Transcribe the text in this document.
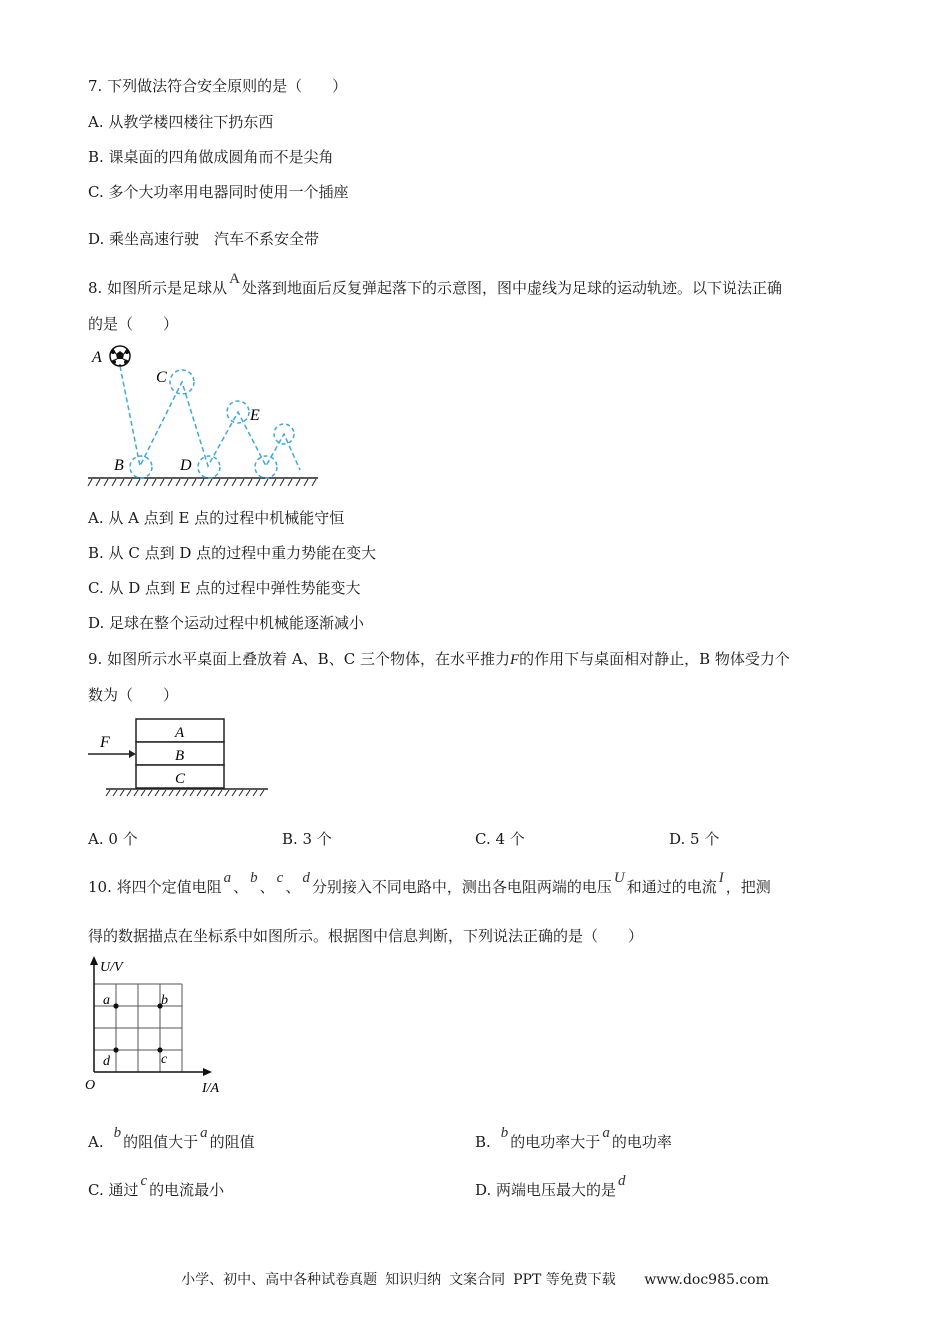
7. 下列做法符合安全原则的是（　　）
A. 从教学楼四楼往下扔东西
B. 课桌面的四角做成圆角而不是尖角
C. 多个大功率用电器同时使用一个插座
D. 乘坐高速行驶　汽车不系安全带
8. 如图所示是足球从 A 处落到地面后反复弹起落下的示意图，图中虚线为足球的运动轨迹。以下说法正确
的是（　　）
A
C
E
B	D
A. 从 A 点到 E 点的过程中机械能守恒
B. 从 C 点到 D 点的过程中重力势能在变大
C. 从 D 点到 E 点的过程中弹性势能变大
D. 足球在整个运动过程中机械能逐渐减小
9. 如图所示水平桌面上叠放着 A、B、C 三个物体，在水平推力F的作用下与桌面相对静止，B 物体受力个
数为（　　）
A
B
C
F
A. 0 个	B. 3 个	C. 4 个	D. 5 个
10. 将四个定值电阻 a 、 b 、 c 、 d 分别接入不同电路中，测出各电阻两端的电压 U 和通过的电流 I ，把测
得的数据描点在坐标系中如图所示。根据图中信息判断，下列说法正确的是（　　）
a	b
c
d
U/V
I/A
O
A. b 的阻值大于 a 的阻值	B. b 的电功率大于 a 的电功率
C. 通过 c 的电流最小	D. 两端电压最大的是 d
小学、初中、高中各种试卷真题 知识归纳 文案合同 PPT 等免费下载 www.doc985.com
